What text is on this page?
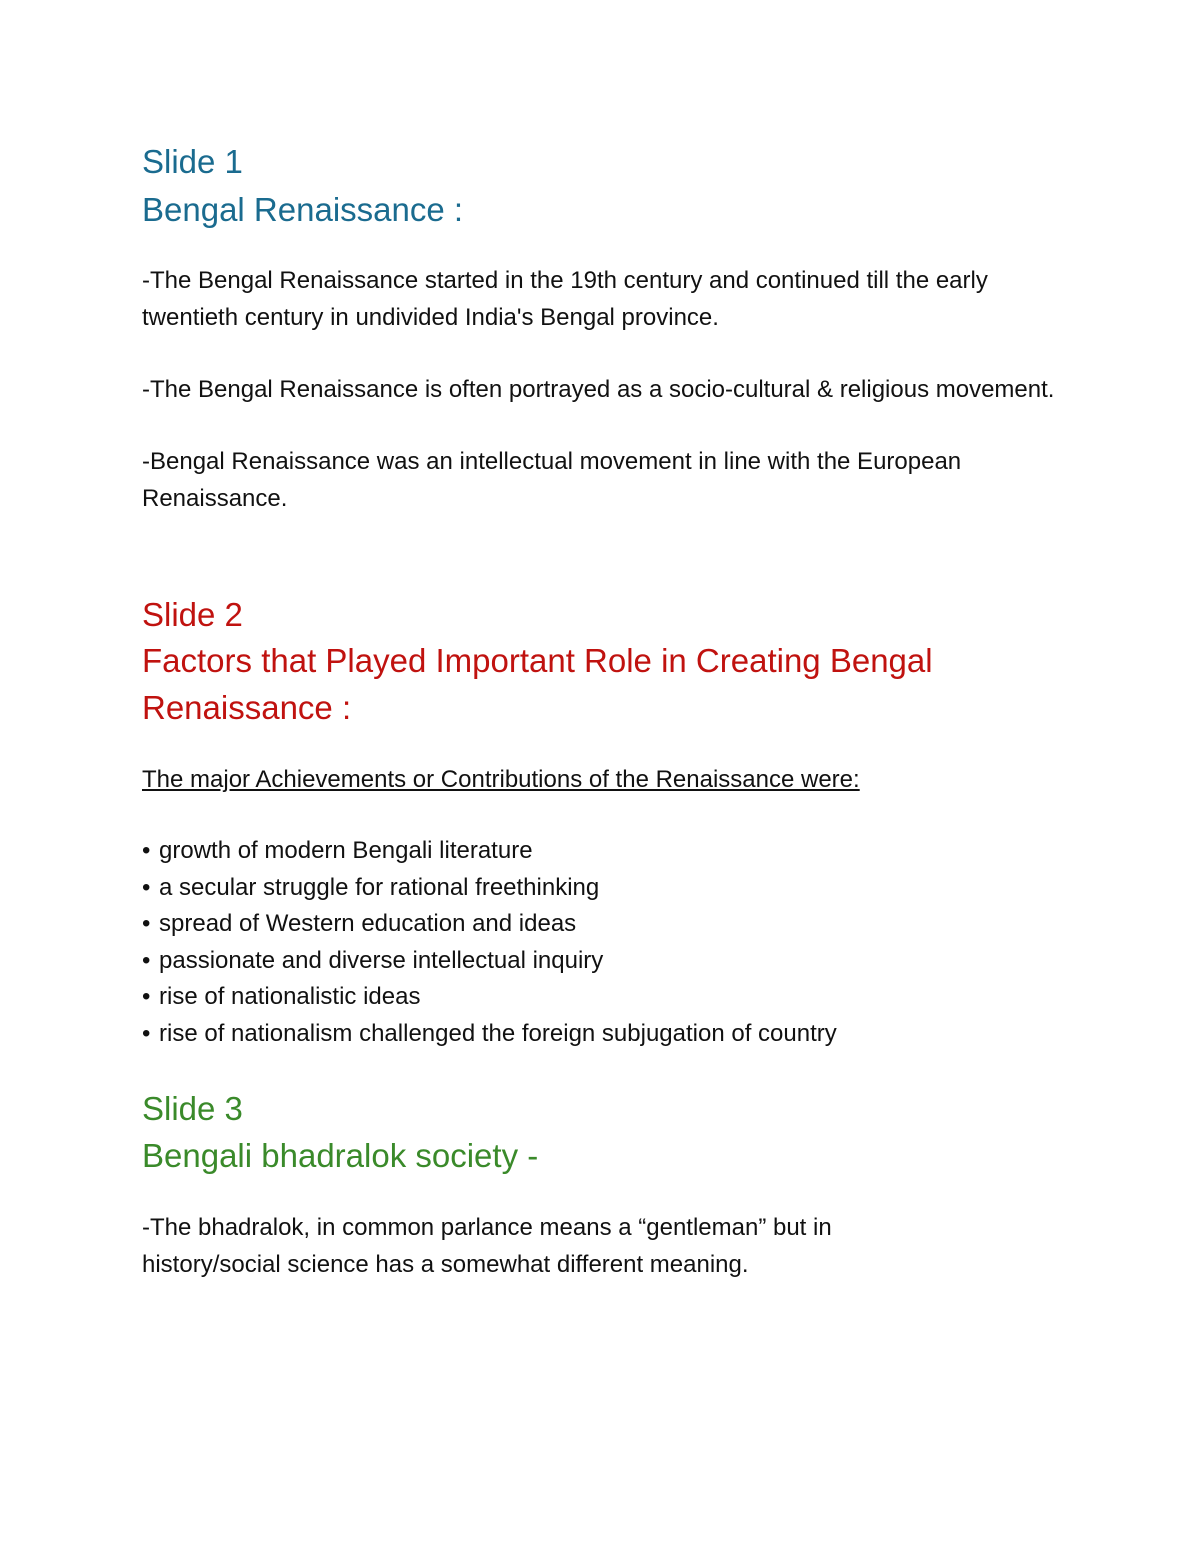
Slide 1
Bengal Renaissance :

-The Bengal Renaissance started in the 19th century and continued till the early twentieth century in undivided India's Bengal province.

-The Bengal Renaissance is often portrayed as a socio-cultural & religious movement.

-Bengal Renaissance was an intellectual movement in line with the European Renaissance.

Slide 2
Factors that Played Important Role in Creating Bengal Renaissance :

The major Achievements or Contributions of the Renaissance were:

• growth of modern Bengali literature
• a secular struggle for rational freethinking
• spread of Western education and ideas
• passionate and diverse intellectual inquiry
• rise of nationalistic ideas
• rise of nationalism challenged the foreign subjugation of country
Slide 3
Bengali bhadralok society -

-The bhadralok, in common parlance means a “gentleman” but in history/social science has a somewhat different meaning.
